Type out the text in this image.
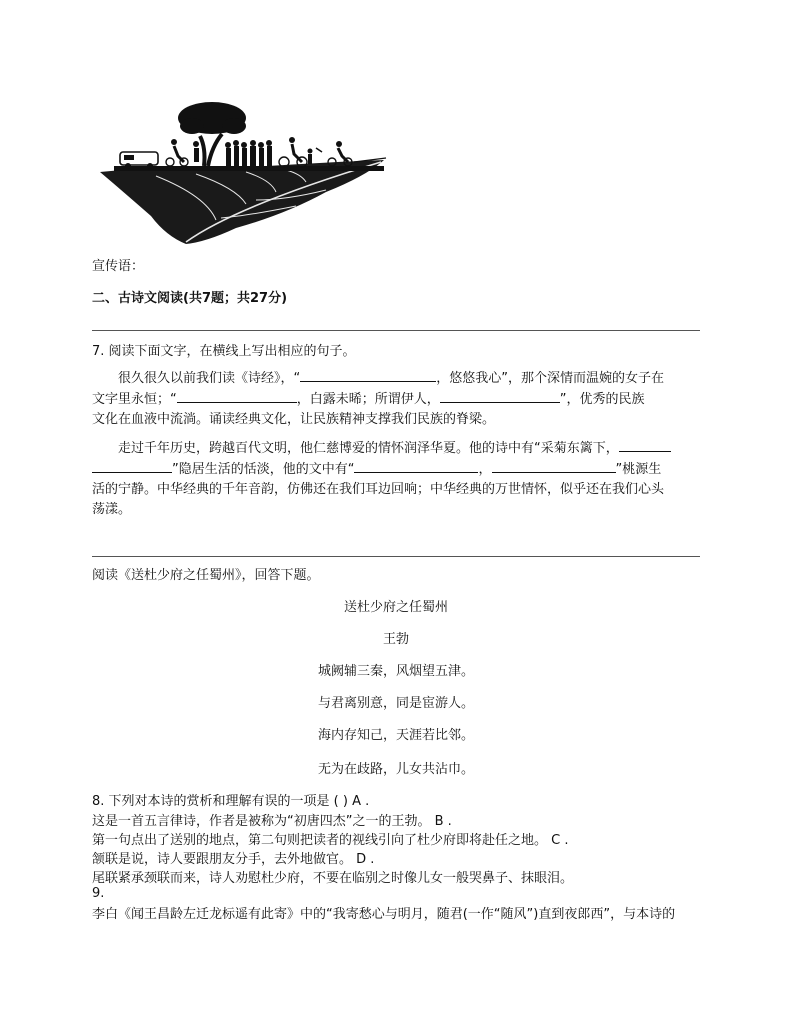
宣传语：
二、古诗文阅读(共7题；共27分)
7. 阅读下面文字，在横线上写出相应的句子。

很久很久以前我们读《诗经》，“	，悠悠我心”，那个深情而温婉的女子在

文字里永恒；“	，白露未晞；所谓伊人，	”，优秀的民族

文化在血液中流淌。诵读经典文化，让民族精神支撑我们民族的脊梁。

走过千年历史，跨越百代文明，他仁慈博爱的情怀润泽华夏。他的诗中有“采菊东篱下，

”隐居生活的恬淡，他的文中有“	，	”桃源生

活的宁静。中华经典的千年音韵，仿佛还在我们耳边回响；中华经典的万世情怀，似乎还在我们心头

荡漾。

阅读《送杜少府之任蜀州》，回答下题。
送杜少府之任蜀州
王勃
城阙辅三秦，风烟望五津。
与君离别意，同是宦游人。
海内存知己，天涯若比邻。
无为在歧路，儿女共沾巾。
8. 下列对本诗的赏析和理解有误的一项是 ( ) A .
这是一首五言律诗，作者是被称为“初唐四杰”之一的王勃。 B .
第一句点出了送别的地点，第二句则把读者的视线引向了杜少府即将赴任之地。 C .
颔联是说，诗人要跟朋友分手，去外地做官。 D .
尾联紧承颈联而来，诗人劝慰杜少府，不要在临别之时像儿女一般哭鼻子、抹眼泪。
9.
李白《闻王昌龄左迁龙标遥有此寄》中的“我寄愁心与明月，随君(一作“随风”)直到夜郎西”，与本诗的
